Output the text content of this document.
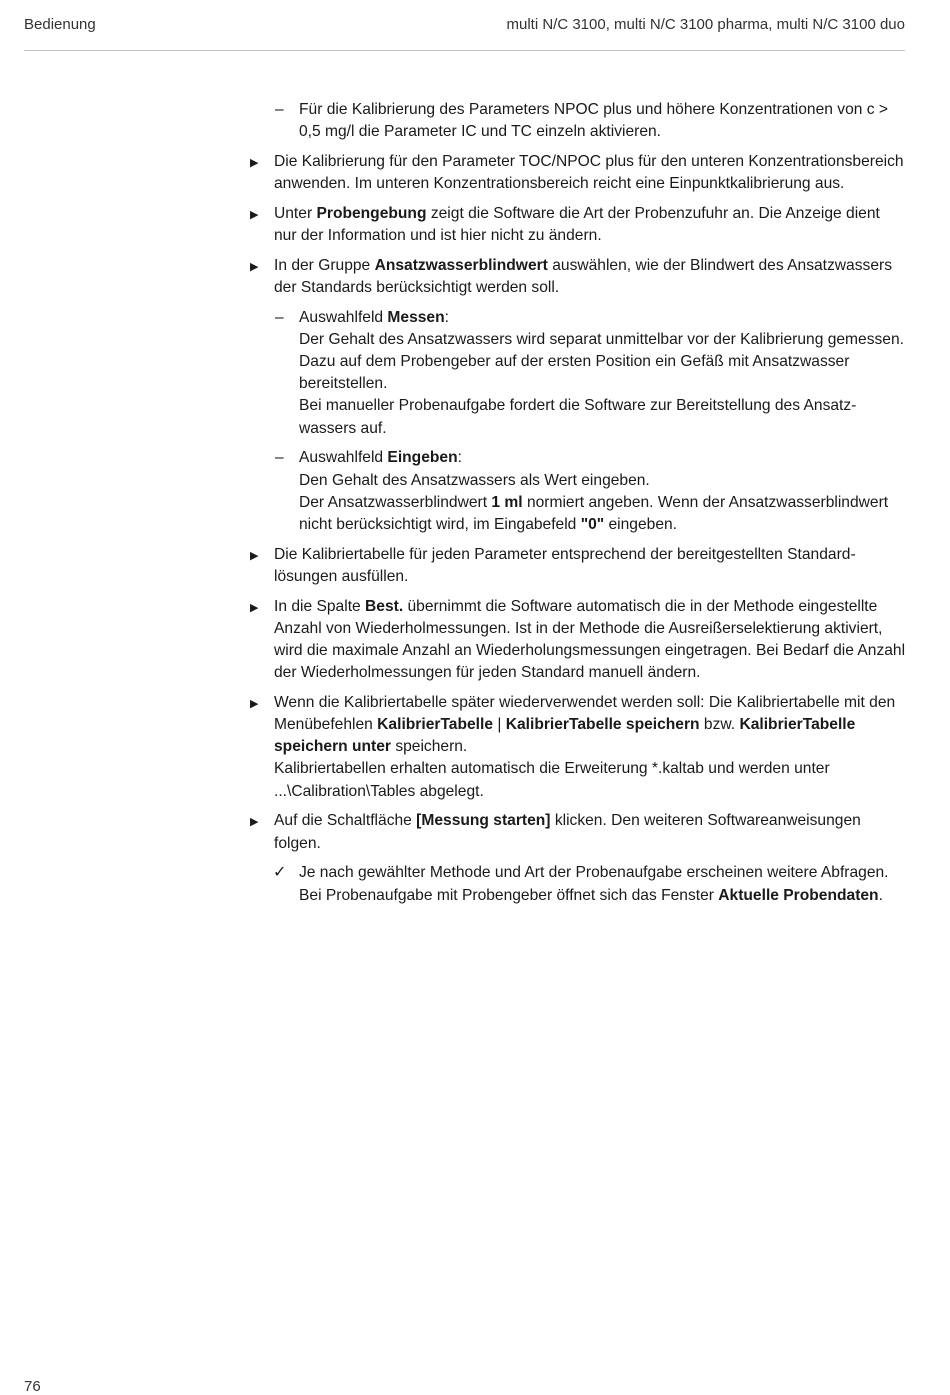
Bedienung	multi N/C 3100, multi N/C 3100 pharma, multi N/C 3100 duo
– Für die Kalibrierung des Parameters NPOC plus und höhere Konzentrationen von c > 0,5 mg/l die Parameter IC und TC einzeln aktivieren.

▶ Die Kalibrierung für den Parameter TOC/NPOC plus für den unteren Konzentrationsbereich anwenden. Im unteren Konzentrationsbereich reicht eine Einpunktkalibrierung aus.

▶ Unter Probengebung zeigt die Software die Art der Probenzufuhr an. Die Anzeige dient nur der Information und ist hier nicht zu ändern.

▶ In der Gruppe Ansatzwasserblindwert auswählen, wie der Blindwert des Ansatzwassers der Standards berücksichtigt werden soll.

– Auswahlfeld Messen:

Der Gehalt des Ansatzwassers wird separat unmittelbar vor der Kalibrierung gemessen. Dazu auf dem Probengeber auf der ersten Position ein Gefäß mit Ansatzwasser bereitstellen.

Bei manueller Probenaufgabe fordert die Software zur Bereitstellung des Ansatzwassers auf.

– Auswahlfeld Eingeben:

Den Gehalt des Ansatzwassers als Wert eingeben.

Der Ansatzwasserblindwert 1 ml normiert angeben. Wenn der Ansatzwasserblindwert nicht berücksichtigt wird, im Eingabefeld "0" eingeben.

▶ Die Kalibriertabelle für jeden Parameter entsprechend der bereitgestellten Standardlösungen ausfüllen.

▶ In die Spalte Best. übernimmt die Software automatisch die in der Methode eingestellte Anzahl von Wiederholmessungen. Ist in der Methode die Ausreißerselektierung aktiviert, wird die maximale Anzahl an Wiederholungsmessungen eingetragen. Bei Bedarf die Anzahl der Wiederholmessungen für jeden Standard manuell ändern.

▶ Wenn die Kalibriertabelle später wiederverwendet werden soll: Die Kalibriertabelle mit den Menübefehlen KalibrierTabelle | KalibrierTabelle speichern bzw. KalibrierTabelle speichern unter speichern.

Kalibriertabellen erhalten automatisch die Erweiterung *.kaltab und werden unter ...\Calibration\Tables abgelegt.

▶ Auf die Schaltfläche [Messung starten] klicken. Den weiteren Softwareanweisungen folgen.

✓ Je nach gewählter Methode und Art der Probenaufgabe erscheinen weitere Abfragen. Bei Probenaufgabe mit Probengeber öffnet sich das Fenster Aktuelle Probendaten.

76
